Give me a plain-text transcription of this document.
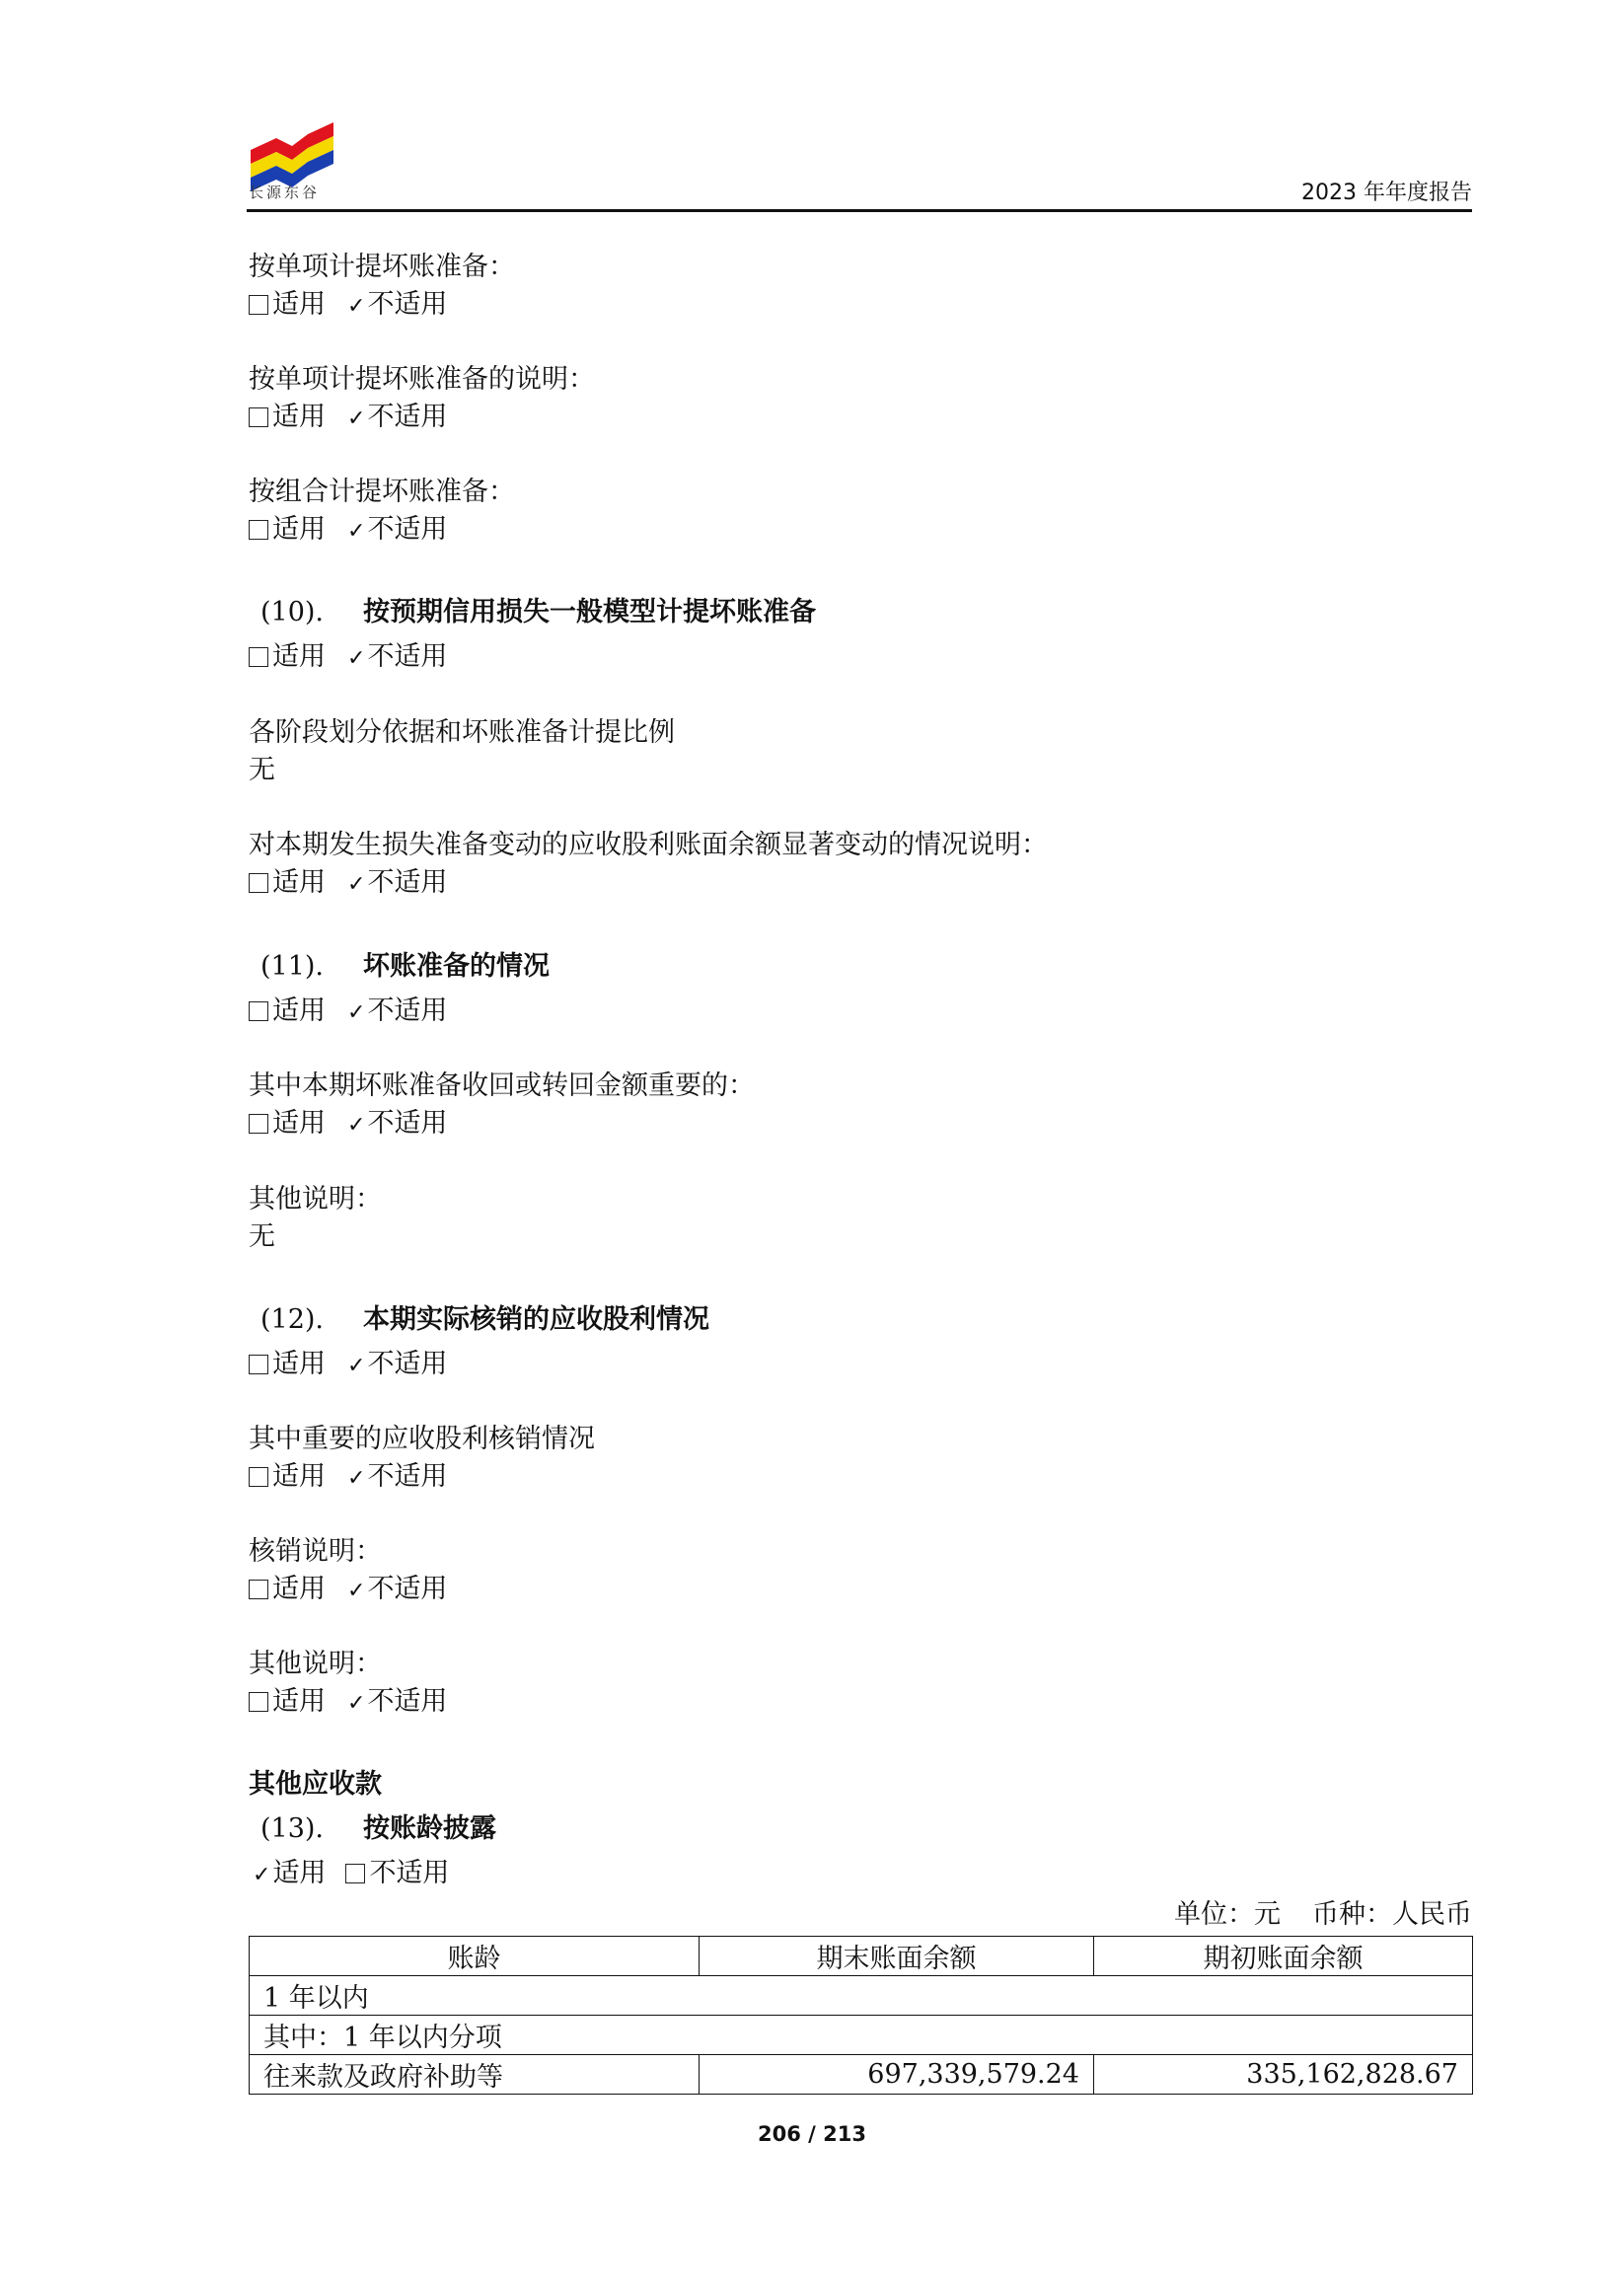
长源东谷	2023 年年度报告
按单项计提坏账准备：
适用 ✓不适用
按单项计提坏账准备的说明：
适用 ✓不适用
按组合计提坏账准备：
适用 ✓不适用
(10). 按预期信用损失一般模型计提坏账准备
适用 ✓不适用
各阶段划分依据和坏账准备计提比例
无
对本期发生损失准备变动的应收股利账面余额显著变动的情况说明：
适用 ✓不适用
(11). 坏账准备的情况
适用 ✓不适用
其中本期坏账准备收回或转回金额重要的：
适用 ✓不适用
其他说明：
无
(12). 本期实际核销的应收股利情况
适用 ✓不适用
其中重要的应收股利核销情况
适用 ✓不适用
核销说明：
适用 ✓不适用
其他说明：
适用 ✓不适用
其他应收款
(13). 按账龄披露
✓适用 不适用
单位：元 币种：人民币
账龄	期末账面余额	期初账面余额
1 年以内		
其中：1 年以内分项		
往来款及政府补助等	697,339,579.24	335,162,828.67
206 / 213
